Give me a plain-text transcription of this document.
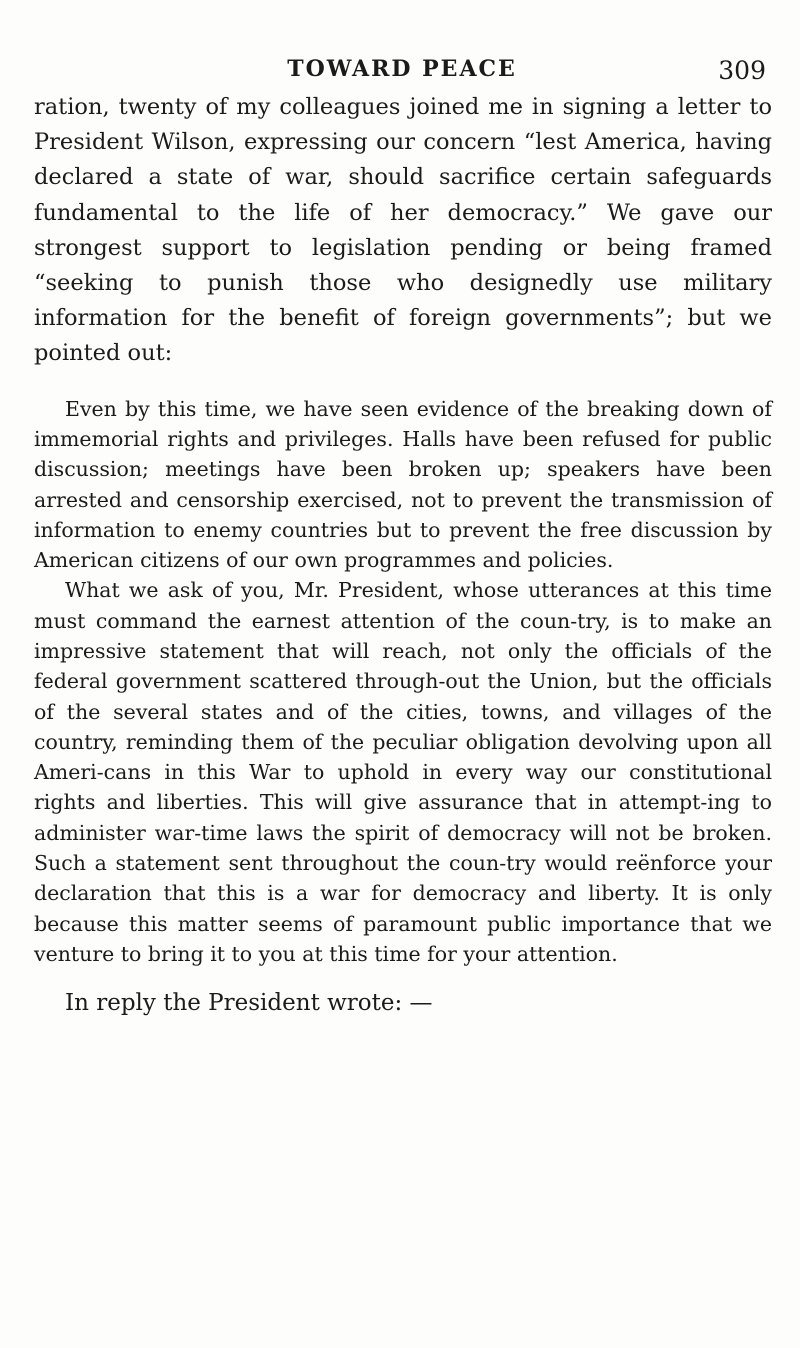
TOWARD PEACE	309

ration, twenty of my colleagues joined me in signing a letter to President Wilson, expressing our concern “lest America, having declared a state of war, should sacrifice certain safeguards fundamental to the life of her democracy.” We gave our strongest support to legislation pending or being framed “seeking to punish those who designedly use military information for the benefit of foreign governments”; but we pointed out:

Even by this time, we have seen evidence of the breaking down of immemorial rights and privileges. Halls have been refused for public discussion; meetings have been broken up; speakers have been arrested and censorship exercised, not to prevent the transmission of information to enemy countries but to prevent the free discussion by American citizens of our own programmes and policies.

What we ask of you, Mr. President, whose utterances at this time must command the earnest attention of the coun-try, is to make an impressive statement that will reach, not only the officials of the federal government scattered through-out the Union, but the officials of the several states and of the cities, towns, and villages of the country, reminding them of the peculiar obligation devolving upon all Ameri-cans in this War to uphold in every way our constitutional rights and liberties. This will give assurance that in attempt-ing to administer war-time laws the spirit of democracy will not be broken. Such a statement sent throughout the coun-try would reënforce your declaration that this is a war for democracy and liberty. It is only because this matter seems of paramount public importance that we venture to bring it to you at this time for your attention.

In reply the President wrote: —
